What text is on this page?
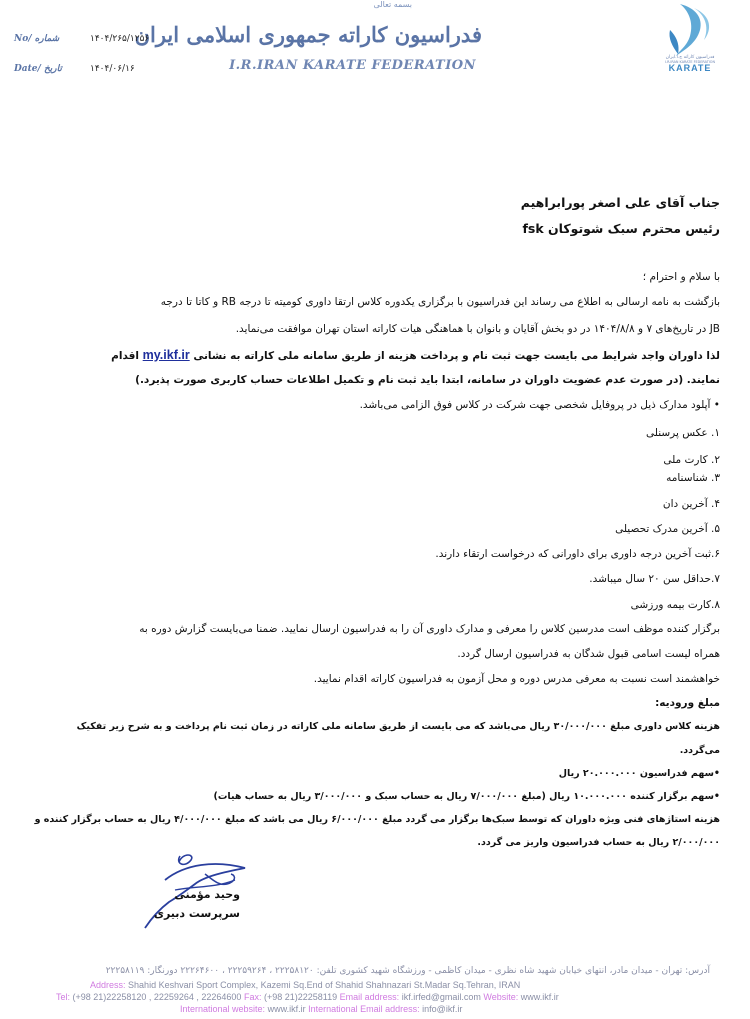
بسمه تعالی
فدراسیون کاراته جمهوری اسلامی ایران
I.R.IRAN KARATE FEDERATION
No/ شماره	۱۴۰۴/۲۶۵/۱۲۵۶
Date/ تاریخ	۱۴۰۴/۰۶/۱۶
فدراسیون کاراته ج.ا.ایران
I.R.IRAN KARATE FEDERATION
KARATE
جناب آقای علی اصغر پورابراهیم
رئیس محترم سبک شوتوکان fsk
با سلام و احترام ؛
بازگشت به نامه ارسالی به اطلاع می رساند این فدراسیون با برگزاری یکدوره کلاس ارتقا داوری کومیته تا درجه RB و کاتا تا درجه
JB در تاریخ‌های ۷ و ۱۴۰۴/۸/۸ در دو بخش آقایان و بانوان با هماهنگی هیات کاراته استان تهران موافقت می‌نماید.
لذا داوران واجد شرایط می بایست جهت ثبت نام و پرداخت هزینه از طریق سامانه ملی کاراته به نشانی my.ikf.ir اقدام
نمایند. (در صورت عدم عضویت داوران در سامانه، ابتدا باید ثبت نام و تکمیل اطلاعات حساب کاربری صورت پذیرد.)
• آپلود مدارک ذیل در پروفایل شخصی جهت شرکت در کلاس فوق الزامی می‌باشد.
۱. عکس پرسنلی
۲. کارت ملی
۳. شناسنامه
۴. آخرین دان
۵. آخرین مدرک تحصیلی
۶.ثبت آخرین درجه داوری برای داورانی که درخواست ارتقاء دارند.
۷.حداقل سن ۲۰ سال میباشد.
۸.کارت بیمه ورزشی
برگزار کننده موظف است مدرسین کلاس را معرفی و مدارک داوری آن را به فدراسیون ارسال نمایید. ضمنا می‌بایست گزارش دوره به
همراه لیست اسامی قبول شدگان به فدراسیون ارسال گردد.
خواهشمند است نسبت به معرفی مدرس دوره و محل آزمون به فدراسیون کاراته اقدام نمایید.
مبلغ ورودیه:
هزینه کلاس داوری مبلغ ۳۰/۰۰۰/۰۰۰ ریال می‌باشد که می بایست از طریق سامانه ملی کاراته در زمان ثبت نام پرداخت و به شرح زیر تفکیک
می‌گردد.
•سهم فدراسیون ۲۰.۰۰۰.۰۰۰ ریال
•سهم برگزار کننده ۱۰.۰۰۰.۰۰۰ ریال (مبلغ ۷/۰۰۰/۰۰۰ ریال به حساب سبک و ۳/۰۰۰/۰۰۰ ریال به حساب هیات)
هزینه استاژهای فنی ویژه داوران که توسط سبک‌ها برگزار می گردد مبلغ ۶/۰۰۰/۰۰۰ ریال می باشد که مبلغ ۴/۰۰۰/۰۰۰ ریال به حساب برگزار کننده و
۲/۰۰۰/۰۰۰ ریال به حساب فدراسیون واریز می گردد.
وحید مؤمنی
سرپرست دبیری
آدرس: تهران - میدان مادر، انتهای خیابان شهید شاه نظری - میدان کاظمی - ورزشگاه شهید کشوری تلفن: ۲۲۲۵۸۱۲۰ ، ۲۲۲۵۹۲۶۴ ، ۲۲۲۶۴۶۰۰ دورنگار: ۲۲۲۵۸۱۱۹
Address: Shahid Keshvari Sport Complex, Kazemi Sq.End of Shahid Shahnazari St.Madar Sq.Tehran, IRAN
Tel: (+98 21)22258120 , 22259264 , 22264600 Fax: (+98 21)22258119 Email address: ikf.irfed@gmail.com Website: www.ikf.ir
International website: www.ikf.ir International Email address: info@ikf.ir
